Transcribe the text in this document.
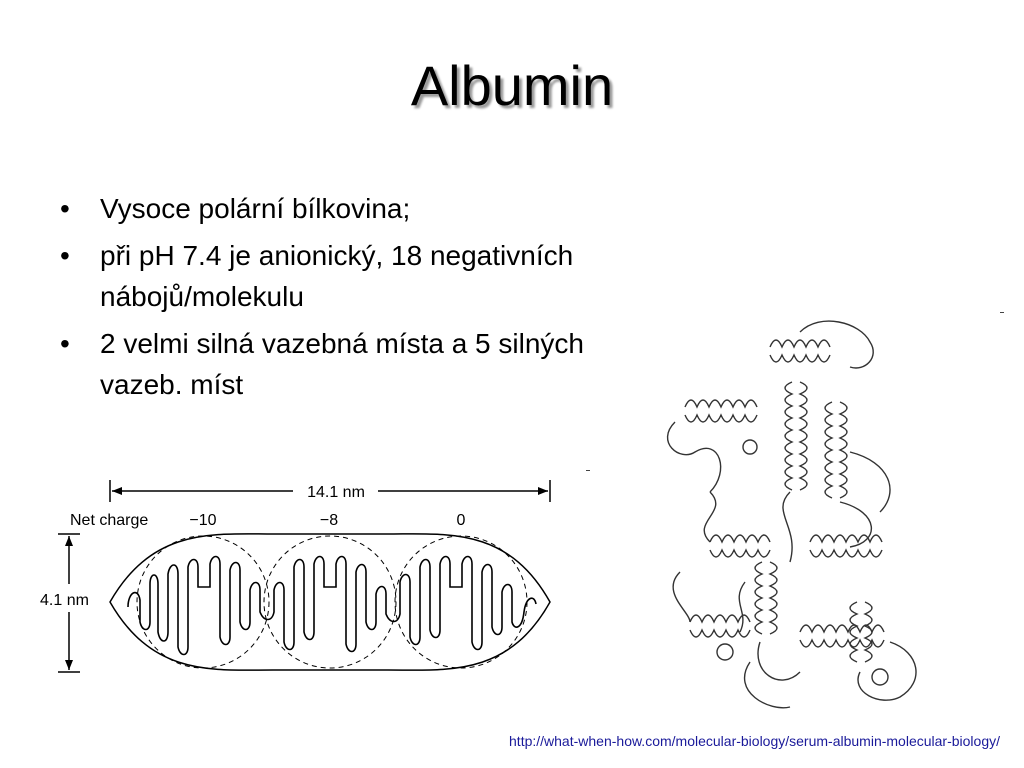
Albumin
• Vysoce polární bílkovina;
• při pH 7.4 je anionický, 18 negativních nábojů/molekulu
• 2 velmi silná vazebná místa a 5 silných vazeb. míst
14.1 nm
Net charge	−10	−8	0
4.1 nm
http://what-when-how.com/molecular-biology/serum-albumin-molecular-biology/
